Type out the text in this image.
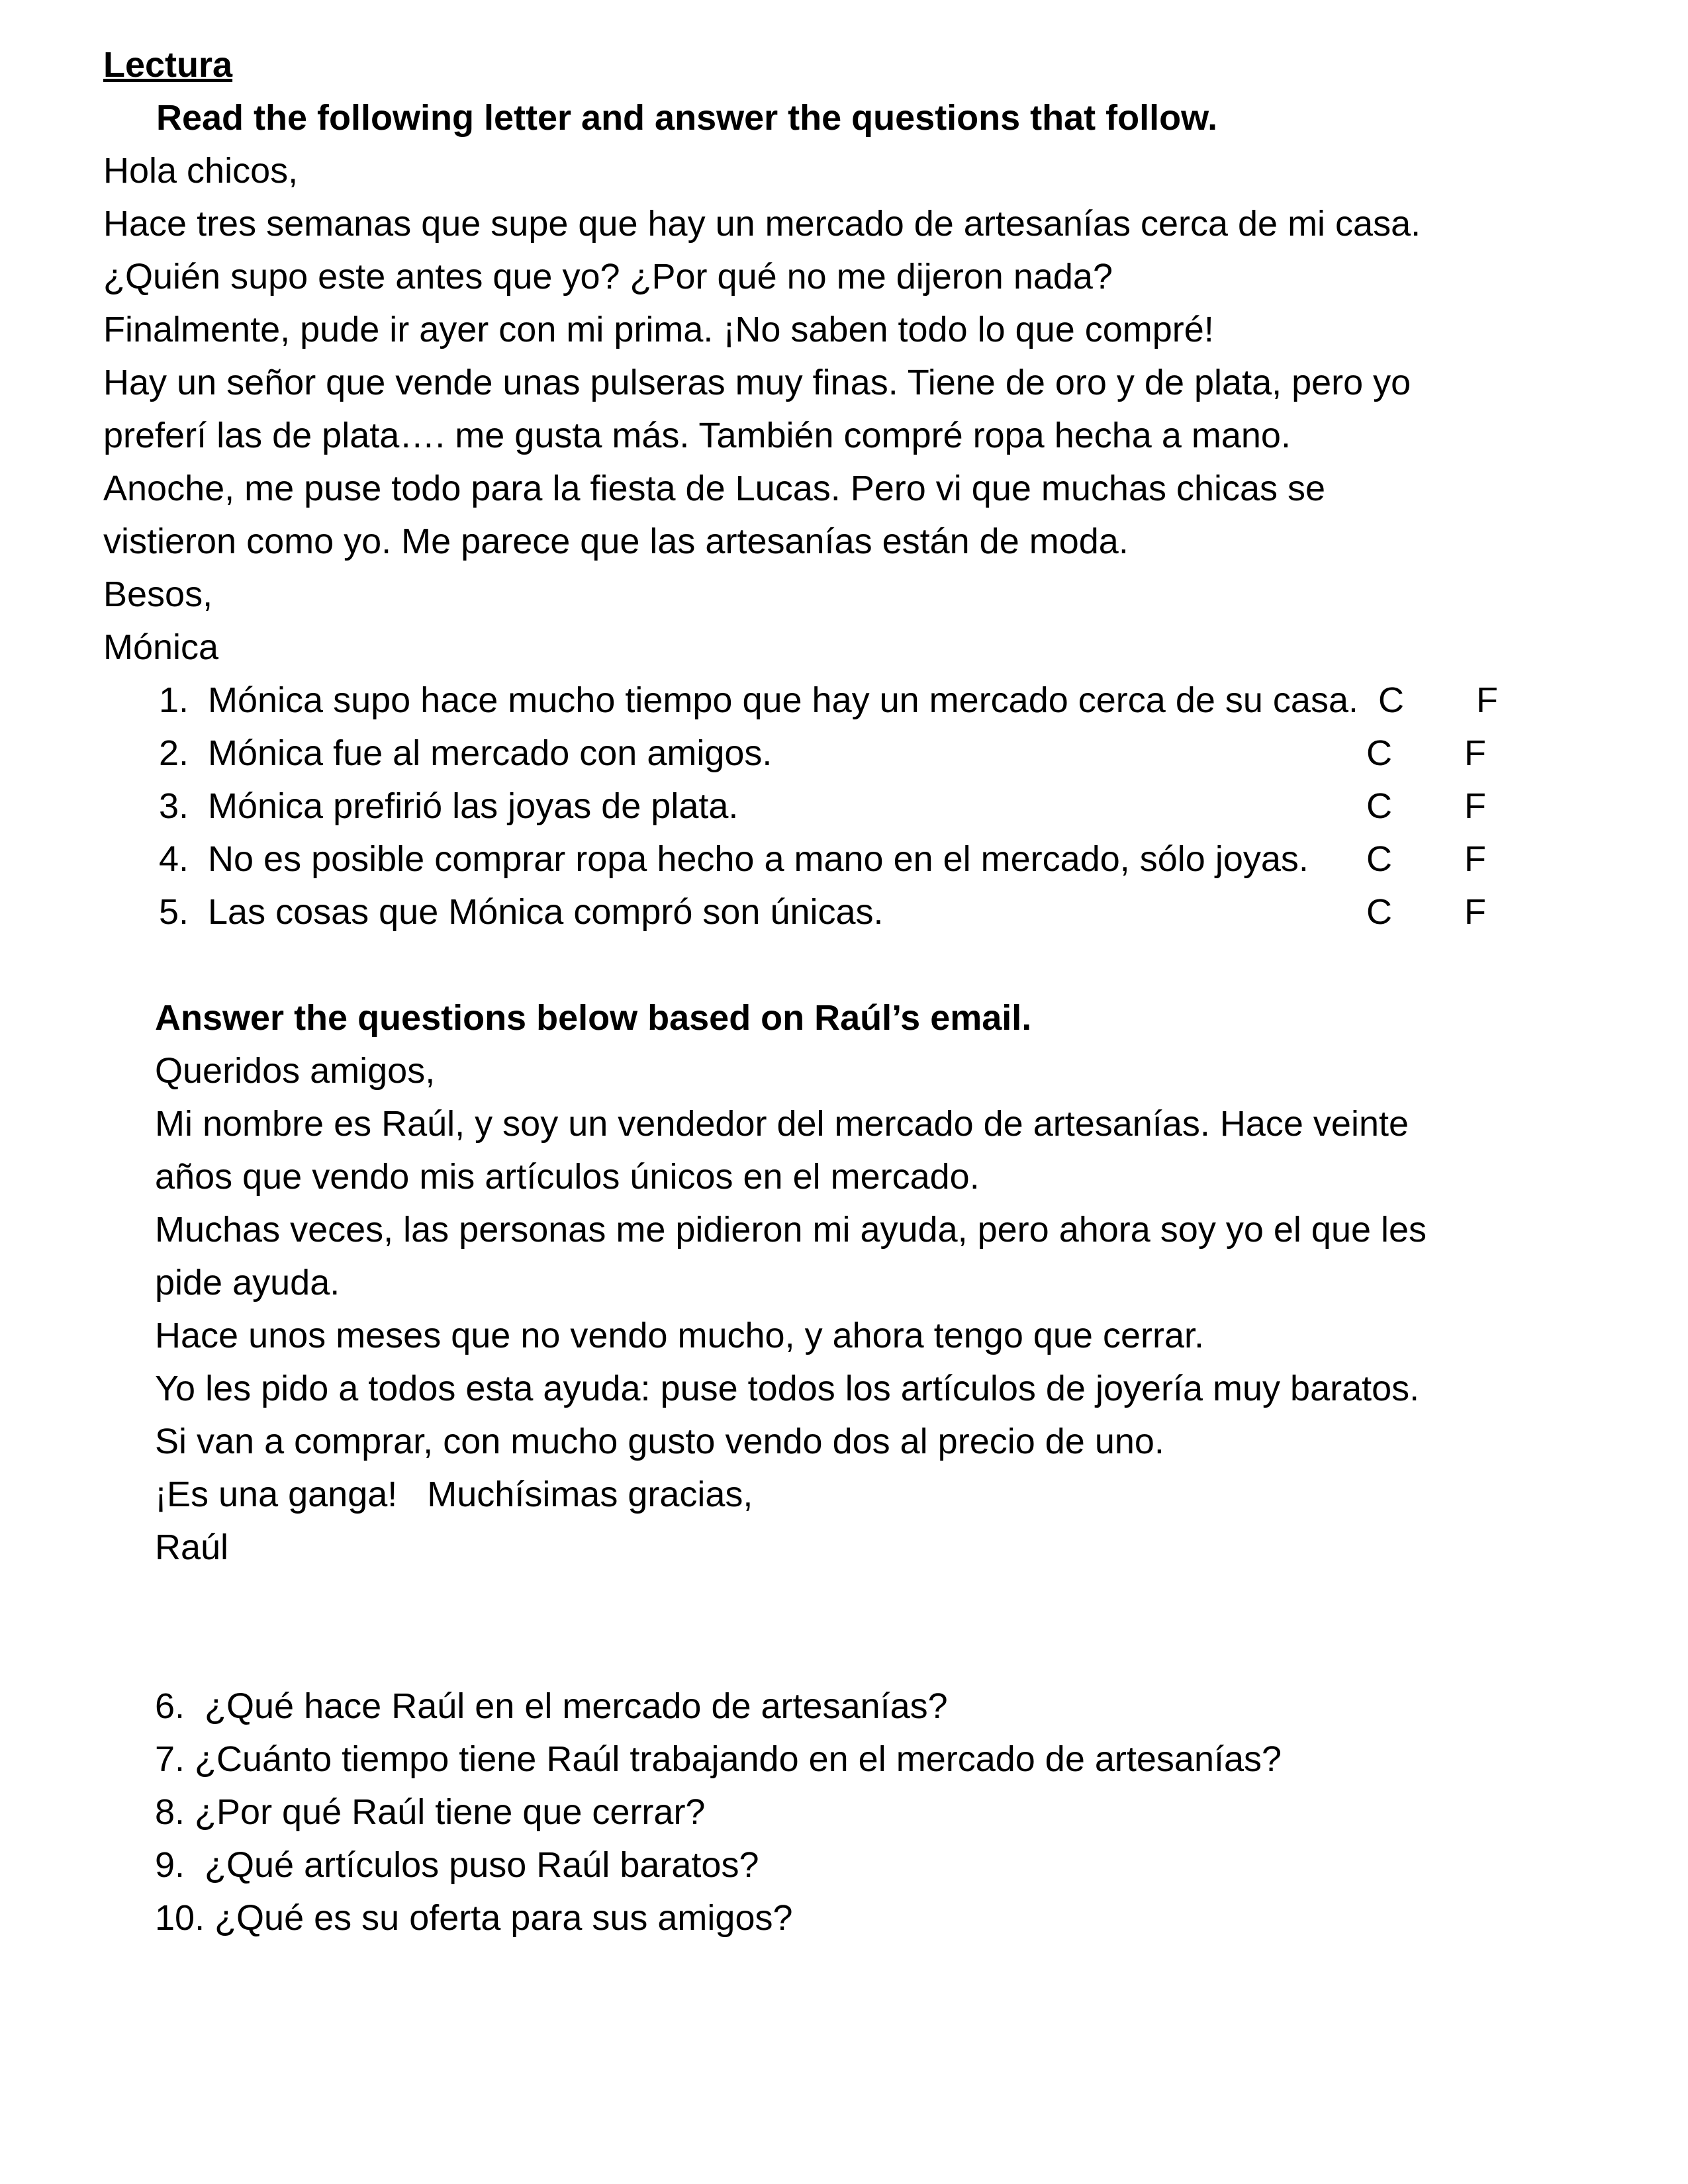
Lectura
Read the following letter and answer the questions that follow.
Hola chicos,
Hace tres semanas que supe que hay un mercado de artesanías cerca de mi casa.
¿Quién supo este antes que yo? ¿Por qué no me dijeron nada?
Finalmente, pude ir ayer con mi prima. ¡No saben todo lo que compré!
Hay un señor que vende unas pulseras muy finas. Tiene de oro y de plata, pero yo
preferí las de plata…. me gusta más. También compré ropa hecha a mano.
Anoche, me puse todo para la fiesta de Lucas. Pero vi que muchas chicas se
vistieron como yo. Me parece que las artesanías están de moda.
Besos,
Mónica
1. Mónica supo hace mucho tiempo que hay un mercado cerca de su casa. C	F
2. Mónica fue al mercado con amigos.	C	F
3. Mónica prefirió las joyas de plata.	C	F
4. No es posible comprar ropa hecho a mano en el mercado, sólo joyas.	C	F
5. Las cosas que Mónica compró son únicas.	C	F
Answer the questions below based on Raúl’s email.
Queridos amigos,
Mi nombre es Raúl, y soy un vendedor del mercado de artesanías. Hace veinte
años que vendo mis artículos únicos en el mercado.
Muchas veces, las personas me pidieron mi ayuda, pero ahora soy yo el que les
pide ayuda.
Hace unos meses que no vendo mucho, y ahora tengo que cerrar.
Yo les pido a todos esta ayuda: puse todos los artículos de joyería muy baratos.
Si van a comprar, con mucho gusto vendo dos al precio de uno.
¡Es una ganga!   Muchísimas gracias,
Raúl
6.  ¿Qué hace Raúl en el mercado de artesanías?
7. ¿Cuánto tiempo tiene Raúl trabajando en el mercado de artesanías?
8. ¿Por qué Raúl tiene que cerrar?
9.  ¿Qué artículos puso Raúl baratos?
10. ¿Qué es su oferta para sus amigos?
